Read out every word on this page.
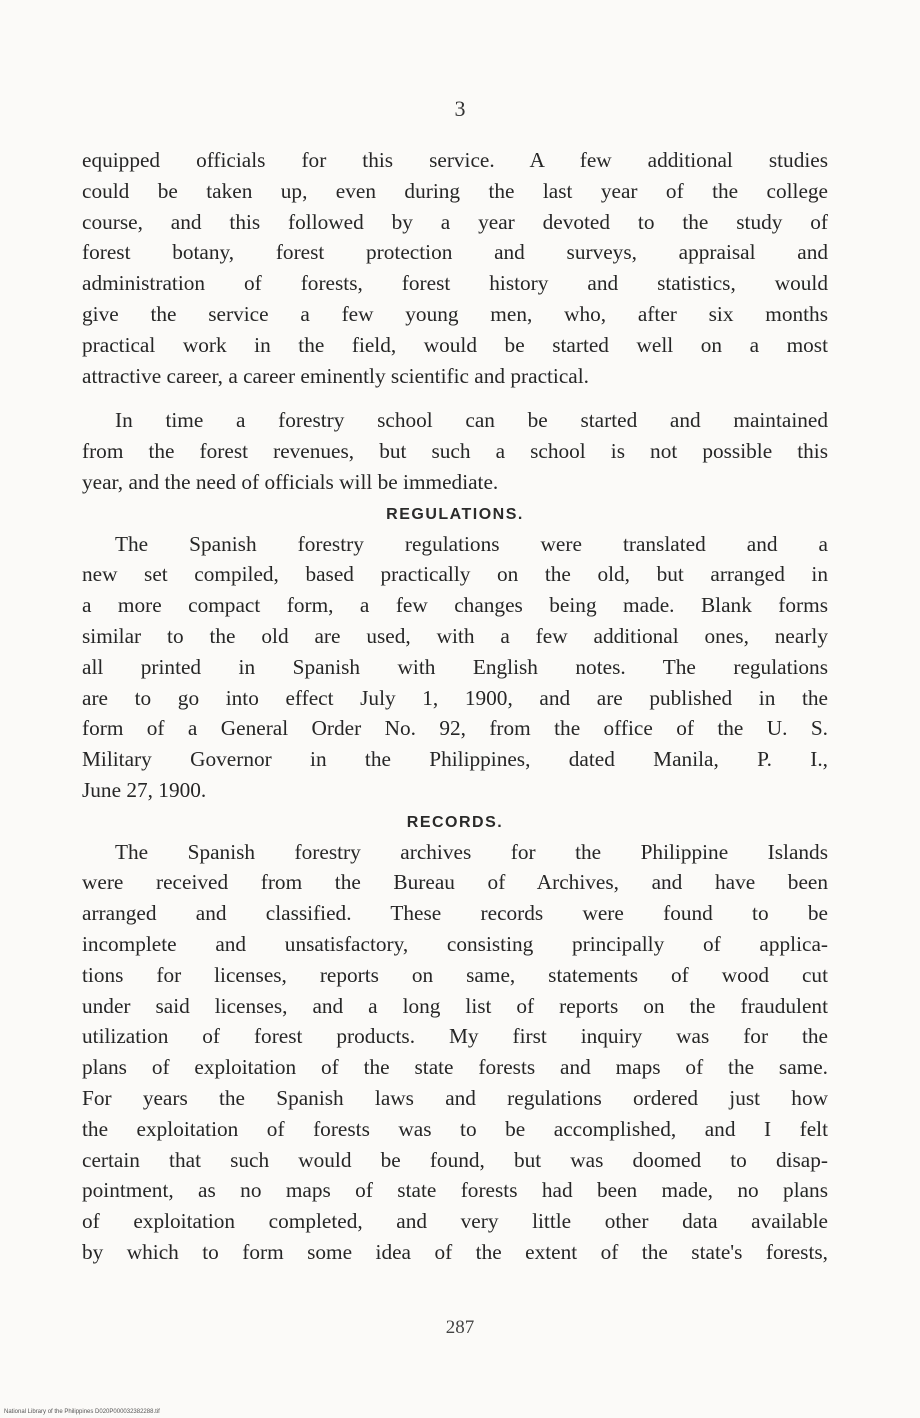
3
equipped officials for this service. A few additional studies
could be taken up, even during the last year of the college
course, and this followed by a year devoted to the study of
forest botany, forest protection and surveys, appraisal and
administration of forests, forest history and statistics, would
give the service a few young men, who, after six months
practical work in the field, would be started well on a most
attractive career, a career eminently scientific and practical.
In time a forestry school can be started and maintained
from the forest revenues, but such a school is not possible this
year, and the need of officials will be immediate.
REGULATIONS.
The Spanish forestry regulations were translated and a
new set compiled, based practically on the old, but arranged in
a more compact form, a few changes being made. Blank forms
similar to the old are used, with a few additional ones, nearly
all printed in Spanish with English notes. The regulations
are to go into effect July 1, 1900, and are published in the
form of a General Order No. 92, from the office of the U. S.
Military Governor in the Philippines, dated Manila, P. I.,
June 27, 1900.
RECORDS.
The Spanish forestry archives for the Philippine Islands
were received from the Bureau of Archives, and have been
arranged and classified. These records were found to be
incomplete and unsatisfactory, consisting principally of applica-
tions for licenses, reports on same, statements of wood cut
under said licenses, and a long list of reports on the fraudulent
utilization of forest products. My first inquiry was for the
plans of exploitation of the state forests and maps of the same.
For years the Spanish laws and regulations ordered just how
the exploitation of forests was to be accomplished, and I felt
certain that such would be found, but was doomed to disap-
pointment, as no maps of state forests had been made, no plans
of exploitation completed, and very little other data available
by which to form some idea of the extent of the state's forests,
287
National Library of the Philippines D020P000032382288.tif
